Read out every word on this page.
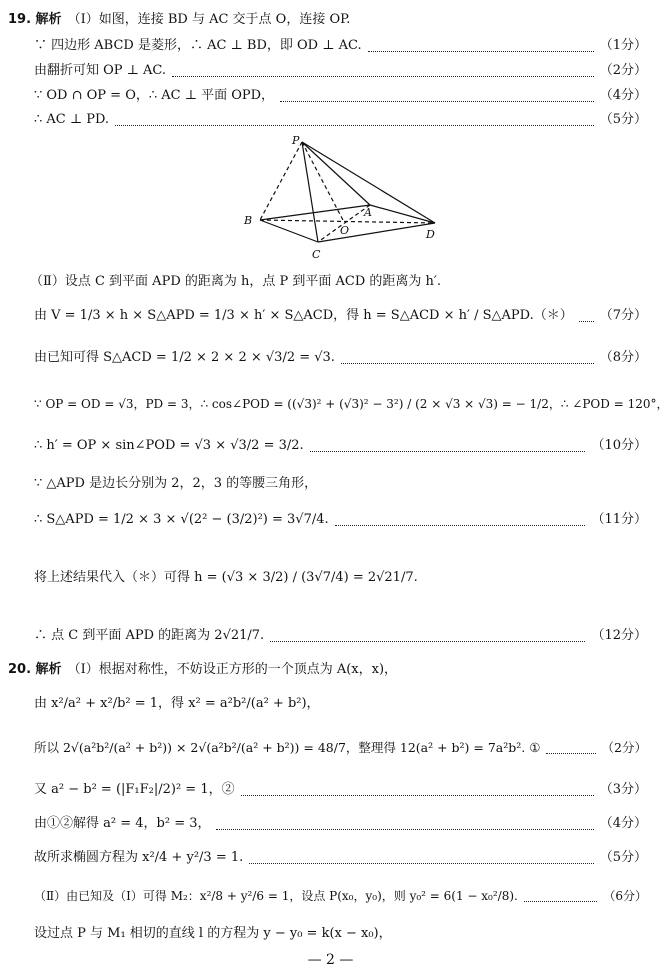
19. 解析 （Ⅰ）如图，连接 BD 与 AC 交于点 O，连接 OP.
∵ 四边形 ABCD 是菱形，∴ AC ⊥ BD，即 OD ⊥ AC.	（1分）
由翻折可知 OP ⊥ AC.	（2分）
∵ OD ∩ OP = O，∴ AC ⊥ 平面 OPD，	（4分）
∴ AC ⊥ PD.	（5分）
P
A
B
O	D
C
（Ⅱ）设点 C 到平面 APD 的距离为 h，点 P 到平面 ACD 的距离为 h′.
由 V = 1/3 × h × S△APD = 1/3 × h′ × S△ACD，得 h = S△ACD × h′ / S△APD.（＊） （7分）
由已知可得 S△ACD = 1/2 × 2 × 2 × √3/2 = √3.	（8分）
∵ OP = OD = √3，PD = 3，∴ cos∠POD = ((√3)² + (√3)² − 3²) / (2 × √3 × √3) = − 1/2，∴ ∠POD = 120°，
∴ h′ = OP × sin∠POD = √3 × √3/2 = 3/2.	（10分）
∵ △APD 是边长分别为 2，2，3 的等腰三角形，
∴ S△APD = 1/2 × 3 × √(2² − (3/2)²) = 3√7/4.	（11分）
将上述结果代入（＊）可得 h = (√3 × 3/2) / (3√7/4) = 2√21/7.
∴ 点 C 到平面 APD 的距离为 2√21/7.	（12分）
20. 解析 （Ⅰ）根据对称性，不妨设正方形的一个顶点为 A(x，x)，
由 x²/a² + x²/b² = 1，得 x² = a²b²/(a² + b²)，
所以 2√(a²b²/(a² + b²)) × 2√(a²b²/(a² + b²)) = 48/7，整理得 12(a² + b²) = 7a²b². ①	（2分）
又 a² − b² = (|F₁F₂|/2)² = 1，②	（3分）
由①②解得 a² = 4，b² = 3，	（4分）
故所求椭圆方程为 x²/4 + y²/3 = 1.	（5分）
（Ⅱ）由已知及（Ⅰ）可得 M₂：x²/8 + y²/6 = 1，设点 P(x₀，y₀)，则 y₀² = 6(1 − x₀²/8).	（6分）
设过点 P 与 M₁ 相切的直线 l 的方程为 y − y₀ = k(x − x₀)，
— 2 —
